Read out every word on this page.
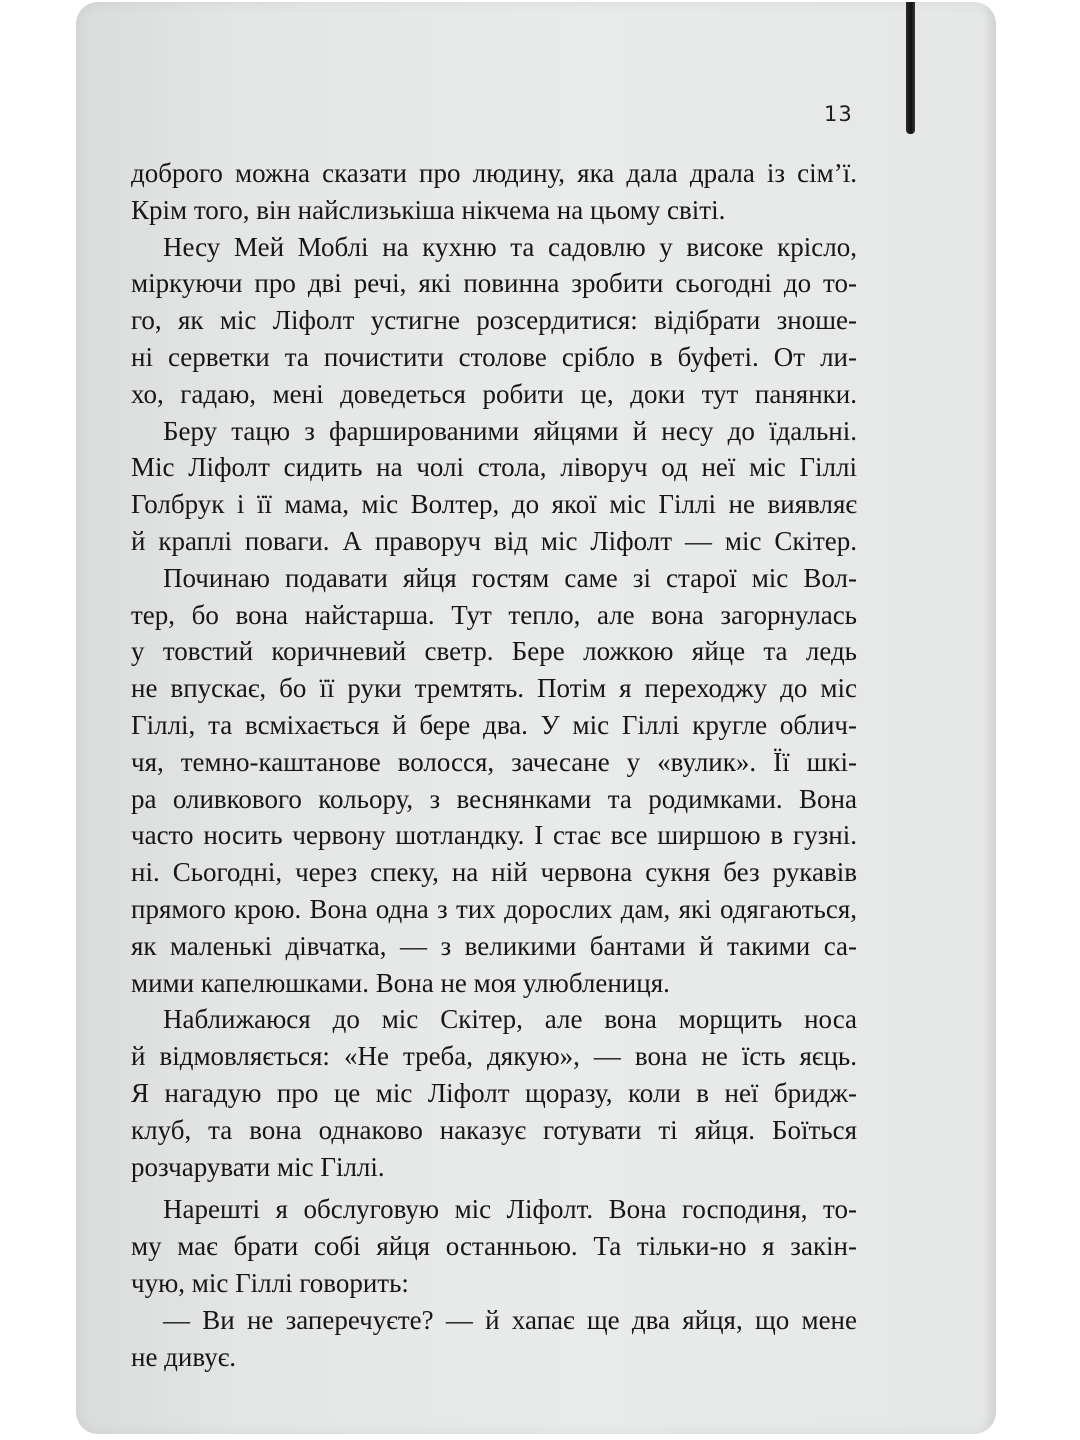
13
доброго можна сказати про людину, яка дала драла із сім’ї.
Крім того, він найслизькіша нікчема на цьому світі.
Несу Мей Моблі на кухню та садовлю у високе крісло,
міркуючи про дві речі, які повинна зробити сьогодні до то-
го, як міс Ліфолт устигне розсердитися: відібрати зноше-
ні серветки та почистити столове срібло в буфеті. От ли-
хо, гадаю, мені доведеться робити це, доки тут панянки.
Беру тацю з фаршированими яйцями й несу до їдальні.
Міс Ліфолт сидить на чолі стола, ліворуч од неї міс Гіллі
Голбрук і її мама, міс Волтер, до якої міс Гіллі не виявляє
й краплі поваги. А праворуч від міс Ліфолт — міс Скітер.
Починаю подавати яйця гостям саме зі старої міс Вол-
тер, бо вона найстарша. Тут тепло, але вона загорнулась
у товстий коричневий светр. Бере ложкою яйце та ледь
не впускає, бо її руки тремтять. Потім я переходжу до міс
Гіллі, та всміхається й бере два. У міс Гіллі кругле облич-
чя, темно-каштанове волосся, зачесане у «вулик». Її шкі-
ра оливкового кольору, з веснянками та родимками. Вона
часто носить червону шотландку. І стає все ширшою в гузні.
ні. Сьогодні, через спеку, на ній червона сукня без рукавів
прямого крою. Вона одна з тих дорослих дам, які одягаються,
як маленькі дівчатка, — з великими бантами й такими са-
мими капелюшками. Вона не моя улюблениця.
Наближаюся до міс Скітер, але вона морщить носа
й відмовляється: «Не треба, дякую», — вона не їсть яєць.
Я нагадую про це міс Ліфолт щоразу, коли в неї бридж-
клуб, та вона однаково наказує готувати ті яйця. Боїться
розчарувати міс Гіллі.
Нарешті я обслуговую міс Ліфолт. Вона господиня, то-
му має брати собі яйця останньою. Та тільки-но я закін-
чую, міс Гіллі говорить:
— Ви не заперечуєте? — й хапає ще два яйця, що мене
не дивує.
